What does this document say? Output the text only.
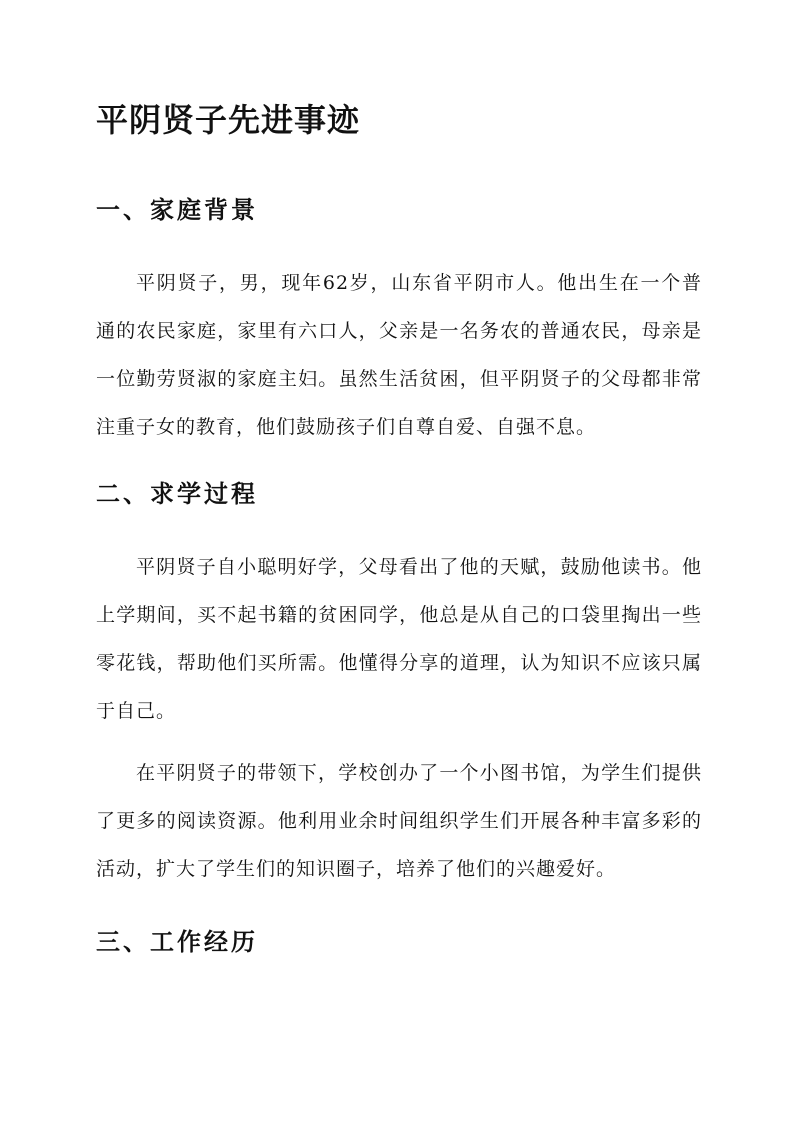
平阴贤子先进事迹
一、家庭背景

平阴贤子，男，现年62岁，山东省平阴市人。他出生在一个普通的农民家庭，家里有六口人，父亲是一名务农的普通农民，母亲是一位勤劳贤淑的家庭主妇。虽然生活贫困，但平阴贤子的父母都非常注重子女的教育，他们鼓励孩子们自尊自爱、自强不息。

二、求学过程

平阴贤子自小聪明好学，父母看出了他的天赋，鼓励他读书。他上学期间，买不起书籍的贫困同学，他总是从自己的口袋里掏出一些零花钱，帮助他们买所需。他懂得分享的道理，认为知识不应该只属于自己。

在平阴贤子的带领下，学校创办了一个小图书馆，为学生们提供了更多的阅读资源。他利用业余时间组织学生们开展各种丰富多彩的活动，扩大了学生们的知识圈子，培养了他们的兴趣爱好。

三、工作经历
